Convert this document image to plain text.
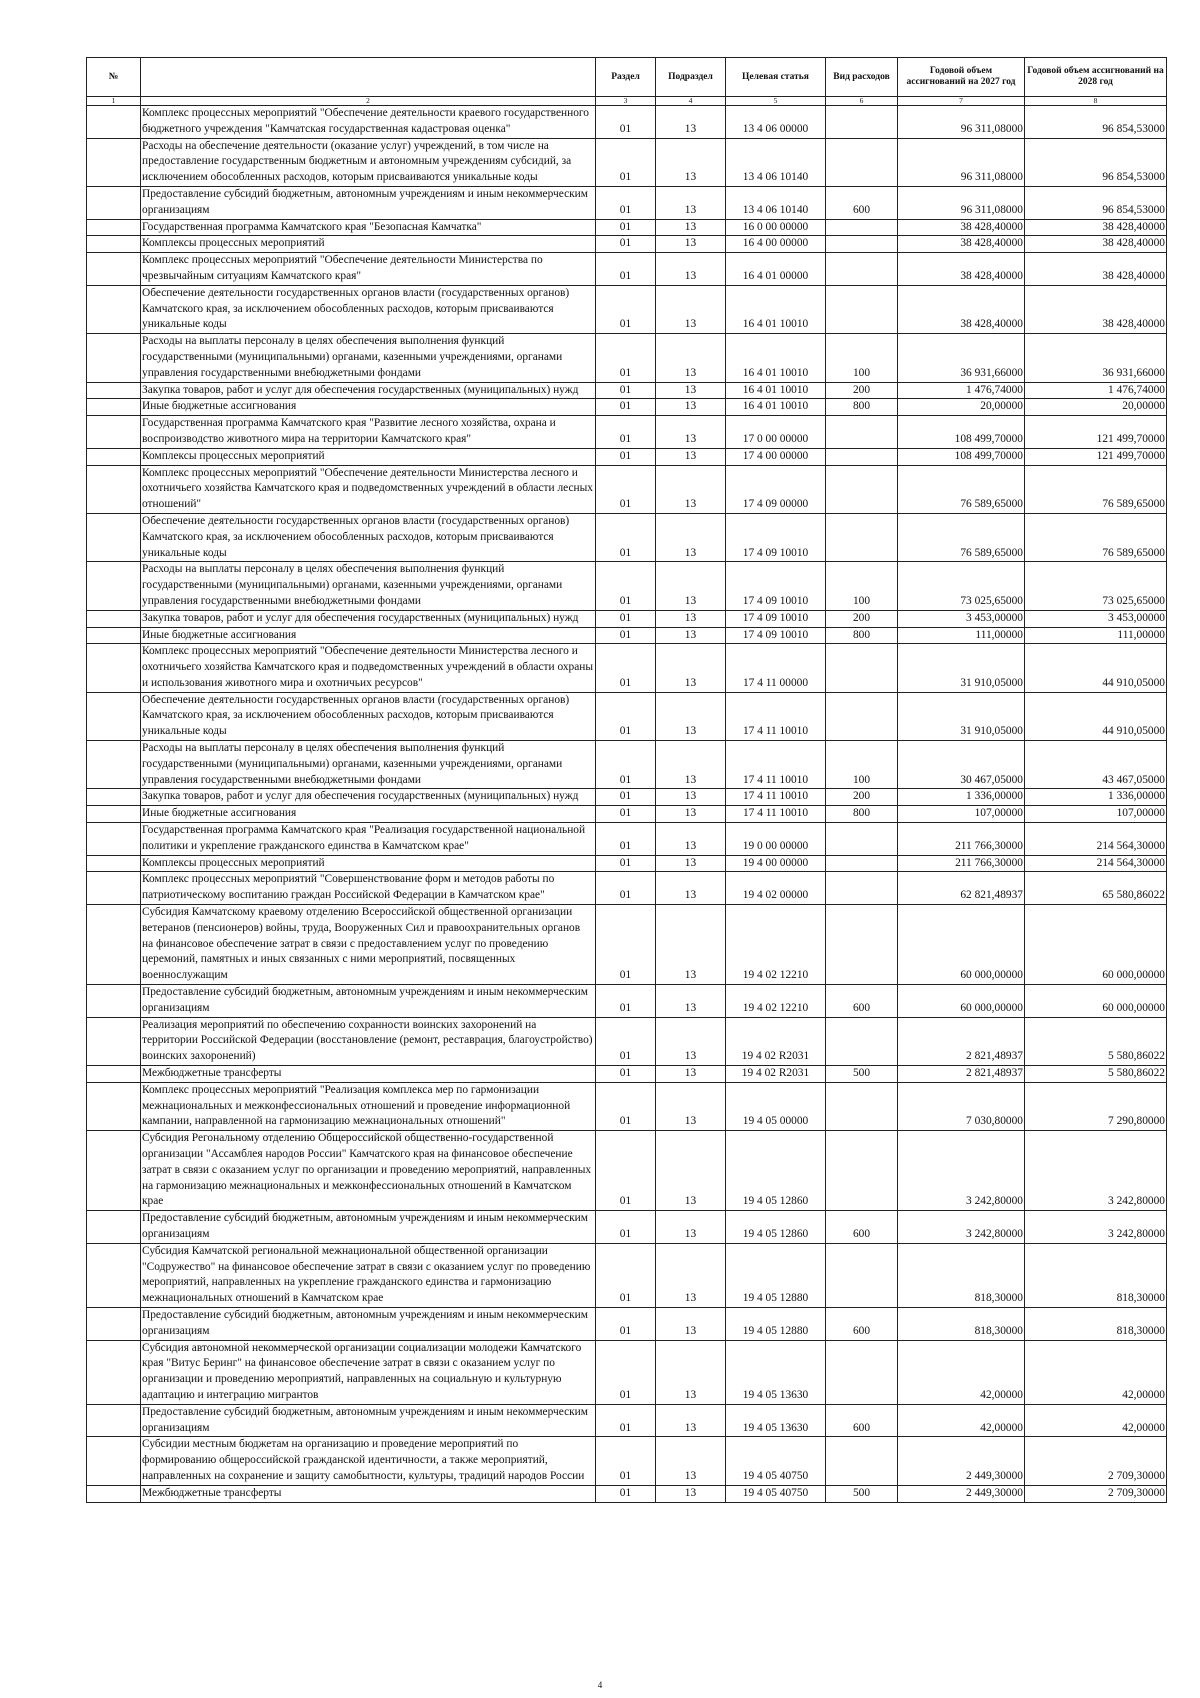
№		Раздел	Подраздел	Целевая статья	Вид расходов	Годовой объем ассигнований на 2027 год	Годовой объем ассигнований на 2028 год
1	2	3	4	5	6	7	8
	Комплекс процессных мероприятий "Обеспечение деятельности краевого государственного бюджетного учреждения "Камчатская государственная кадастровая оценка"	01	13	13 4 06 00000		96 311,08000	96 854,53000
	Расходы на обеспечение деятельности (оказание услуг) учреждений, в том числе на предоставление государственным бюджетным и автономным учреждениям субсидий, за исключением обособленных расходов, которым присваиваются уникальные коды	01	13	13 4 06 10140		96 311,08000	96 854,53000
	Предоставление субсидий бюджетным, автономным учреждениям и иным некоммерческим организациям	01	13	13 4 06 10140	600	96 311,08000	96 854,53000
	Государственная программа Камчатского края "Безопасная Камчатка"	01	13	16 0 00 00000		38 428,40000	38 428,40000
	Комплексы процессных мероприятий	01	13	16 4 00 00000		38 428,40000	38 428,40000
	Комплекс процессных мероприятий "Обеспечение деятельности Министерства по чрезвычайным ситуациям Камчатского края"	01	13	16 4 01 00000		38 428,40000	38 428,40000
	Обеспечение деятельности государственных органов власти (государственных органов) Камчатского края, за исключением обособленных расходов, которым присваиваются уникальные коды	01	13	16 4 01 10010		38 428,40000	38 428,40000
	Расходы на выплаты персоналу в целях обеспечения выполнения функций государственными (муниципальными) органами, казенными учреждениями, органами управления государственными внебюджетными фондами	01	13	16 4 01 10010	100	36 931,66000	36 931,66000
	Закупка товаров, работ и услуг для обеспечения государственных (муниципальных) нужд	01	13	16 4 01 10010	200	1 476,74000	1 476,74000
	Иные бюджетные ассигнования	01	13	16 4 01 10010	800	20,00000	20,00000
	Государственная программа Камчатского края "Развитие лесного хозяйства, охрана и воспроизводство животного мира на территории Камчатского края"	01	13	17 0 00 00000		108 499,70000	121 499,70000
	Комплексы процессных мероприятий	01	13	17 4 00 00000		108 499,70000	121 499,70000
	Комплекс процессных мероприятий "Обеспечение деятельности Министерства лесного и охотничьего хозяйства Камчатского края и подведомственных учреждений в области лесных отношений"	01	13	17 4 09 00000		76 589,65000	76 589,65000
	Обеспечение деятельности государственных органов власти (государственных органов) Камчатского края, за исключением обособленных расходов, которым присваиваются уникальные коды	01	13	17 4 09 10010		76 589,65000	76 589,65000
	Расходы на выплаты персоналу в целях обеспечения выполнения функций государственными (муниципальными) органами, казенными учреждениями, органами управления государственными внебюджетными фондами	01	13	17 4 09 10010	100	73 025,65000	73 025,65000
	Закупка товаров, работ и услуг для обеспечения государственных (муниципальных) нужд	01	13	17 4 09 10010	200	3 453,00000	3 453,00000
	Иные бюджетные ассигнования	01	13	17 4 09 10010	800	111,00000	111,00000
	Комплекс процессных мероприятий "Обеспечение деятельности Министерства лесного и охотничьего хозяйства Камчатского края и подведомственных учреждений в области охраны и использования животного мира и охотничьих ресурсов"	01	13	17 4 11 00000		31 910,05000	44 910,05000
	Обеспечение деятельности государственных органов власти (государственных органов) Камчатского края, за исключением обособленных расходов, которым присваиваются уникальные коды	01	13	17 4 11 10010		31 910,05000	44 910,05000
	Расходы на выплаты персоналу в целях обеспечения выполнения функций государственными (муниципальными) органами, казенными учреждениями, органами управления государственными внебюджетными фондами	01	13	17 4 11 10010	100	30 467,05000	43 467,05000
	Закупка товаров, работ и услуг для обеспечения государственных (муниципальных) нужд	01	13	17 4 11 10010	200	1 336,00000	1 336,00000
	Иные бюджетные ассигнования	01	13	17 4 11 10010	800	107,00000	107,00000
	Государственная программа Камчатского края "Реализация государственной национальной политики и укрепление гражданского единства в Камчатском крае"	01	13	19 0 00 00000		211 766,30000	214 564,30000
	Комплексы процессных мероприятий	01	13	19 4 00 00000		211 766,30000	214 564,30000
	Комплекс процессных мероприятий "Совершенствование форм и методов работы по патриотическому воспитанию граждан Российской Федерации в Камчатском крае"	01	13	19 4 02 00000		62 821,48937	65 580,86022
	Субсидия Камчатскому краевому отделению Всероссийской общественной организации ветеранов (пенсионеров) войны, труда, Вооруженных Сил и правоохранительных органов на финансовое обеспечение затрат в связи с предоставлением услуг по проведению церемоний, памятных и иных связанных с ними мероприятий, посвященных военнослужащим	01	13	19 4 02 12210		60 000,00000	60 000,00000
	Предоставление субсидий бюджетным, автономным учреждениям и иным некоммерческим организациям	01	13	19 4 02 12210	600	60 000,00000	60 000,00000
	Реализация мероприятий по обеспечению сохранности воинских захоронений на территории Российской Федерации (восстановление (ремонт, реставрация, благоустройство) воинских захоронений)	01	13	19 4 02 R2031		2 821,48937	5 580,86022
	Межбюджетные трансферты	01	13	19 4 02 R2031	500	2 821,48937	5 580,86022
	Комплекс процессных мероприятий "Реализация комплекса мер по гармонизации межнациональных и межконфессиональных отношений и проведение информационной кампании, направленной на гармонизацию межнациональных отношений"	01	13	19 4 05 00000		7 030,80000	7 290,80000
	Субсидия Регональному отделению Общероссийской общественно-государственной организации "Ассамблея народов России" Камчатского края на финансовое обеспечение затрат в связи с оказанием услуг по организации и проведению мероприятий, направленных на гармонизацию межнациональных и межконфессиональных отношений в Камчатском крае	01	13	19 4 05 12860		3 242,80000	3 242,80000
	Предоставление субсидий бюджетным, автономным учреждениям и иным некоммерческим организациям	01	13	19 4 05 12860	600	3 242,80000	3 242,80000
	Субсидия Камчатской региональной межнациональной общественной организации "Содружество" на финансовое обеспечение затрат в связи с оказанием услуг по проведению мероприятий, направленных на укрепление гражданского единства и гармонизацию межнациональных отношений в Камчатском крае	01	13	19 4 05 12880		818,30000	818,30000
	Предоставление субсидий бюджетным, автономным учреждениям и иным некоммерческим организациям	01	13	19 4 05 12880	600	818,30000	818,30000
	Субсидия автономной некоммерческой организации социализации молодежи Камчатского края "Витус Беринг" на финансовое обеспечение затрат в связи с оказанием услуг по организации и проведению мероприятий, направленных на социальную и культурную адаптацию и интеграцию мигрантов	01	13	19 4 05 13630		42,00000	42,00000
	Предоставление субсидий бюджетным, автономным учреждениям и иным некоммерческим организациям	01	13	19 4 05 13630	600	42,00000	42,00000
	Субсидии местным бюджетам на организацию и проведение мероприятий по формированию общероссийской гражданской идентичности, а также мероприятий, направленных на сохранение и защиту самобытности, культуры, традиций народов России	01	13	19 4 05 40750		2 449,30000	2 709,30000
	Межбюджетные трансферты	01	13	19 4 05 40750	500	2 449,30000	2 709,30000
4
